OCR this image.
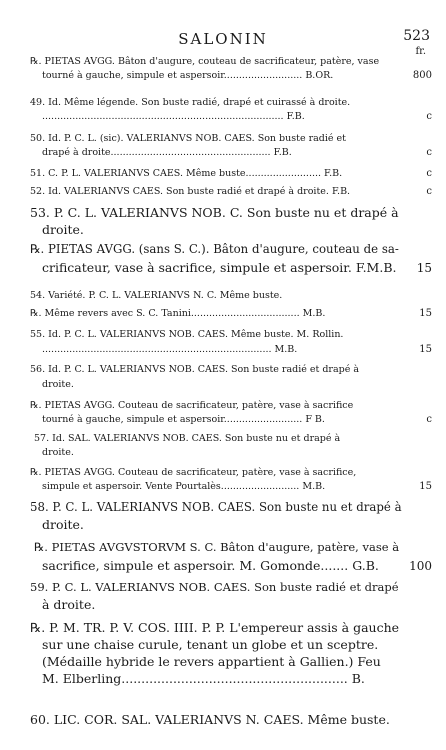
SALONIN	523
fr.
℞. PIETAS AVGG. Bâton d'augure, couteau de sacrificateur, patère, vase
tourné à gauche, simpule et aspersoir.......................... B.OR.	800
49. Id. Même légende. Son buste radié, drapé et cuirassé à droite.
................................................................................ F.B.	c
50. Id. P. C. L. (sic). VALERIANVS NOB. CAES. Son buste radié et
drapé à droite..................................................... F.B.	c
51. C. P. L. VALERIANVS CAES. Même buste......................... F.B.	c
52. Id. VALERIANVS CAES. Son buste radié et drapé à droite. F.B.	c
53. P. C. L. VALERIANVS NOB. C. Son buste nu et drapé à
droite.
℞. PIETAS AVGG. (sans S. C.). Bâton d'augure, couteau de sa-
crificateur, vase à sacrifice, simpule et aspersoir. F.M.B. 15
54. Variété. P. C. L. VALERIANVS N. C. Même buste.
℞. Même revers avec S. C. Tanini.................................... M.B.	15
55. Id. P. C. L. VALERIANVS NOB. CAES. Même buste. M. Rollin.
............................................................................ M.B.	15
56. Id. P. C. L. VALERIANVS NOB. CAES. Son buste radié et drapé à
droite.
℞. PIETAS AVGG. Couteau de sacrificateur, patère, vase à sacrifice
tourné à gauche, simpule et aspersoir.......................... F B.	c
57. Id. SAL. VALERIANVS NOB. CAES. Son buste nu et drapé à
droite.
℞. PIETAS AVGG. Couteau de sacrificateur, patère, vase à sacrifice,
simpule et aspersoir. Vente Pourtalès.......................... M.B.	15
58. P. C. L. VALERIANVS NOB. CAES. Son buste nu et drapé à
droite.
℞. PIETAS AVGVSTORVM S. C. Bâton d'augure, patère, vase à
sacrifice, simpule et aspersoir. M. Gomonde....... G.B.	100
59. P. C. L. VALERIANVS NOB. CAES. Son buste radié et drapé
à droite.
℞. P. M. TR. P. V. COS. IIII. P. P. L'empereur assis à gauche
sur une chaise curule, tenant un globe et un sceptre.
(Médaille hybride le revers appartient à Gallien.) Feu
M. Elberling......................................................... B.
60. LIC. COR. SAL. VALERIANVS N. CAES. Même buste.
